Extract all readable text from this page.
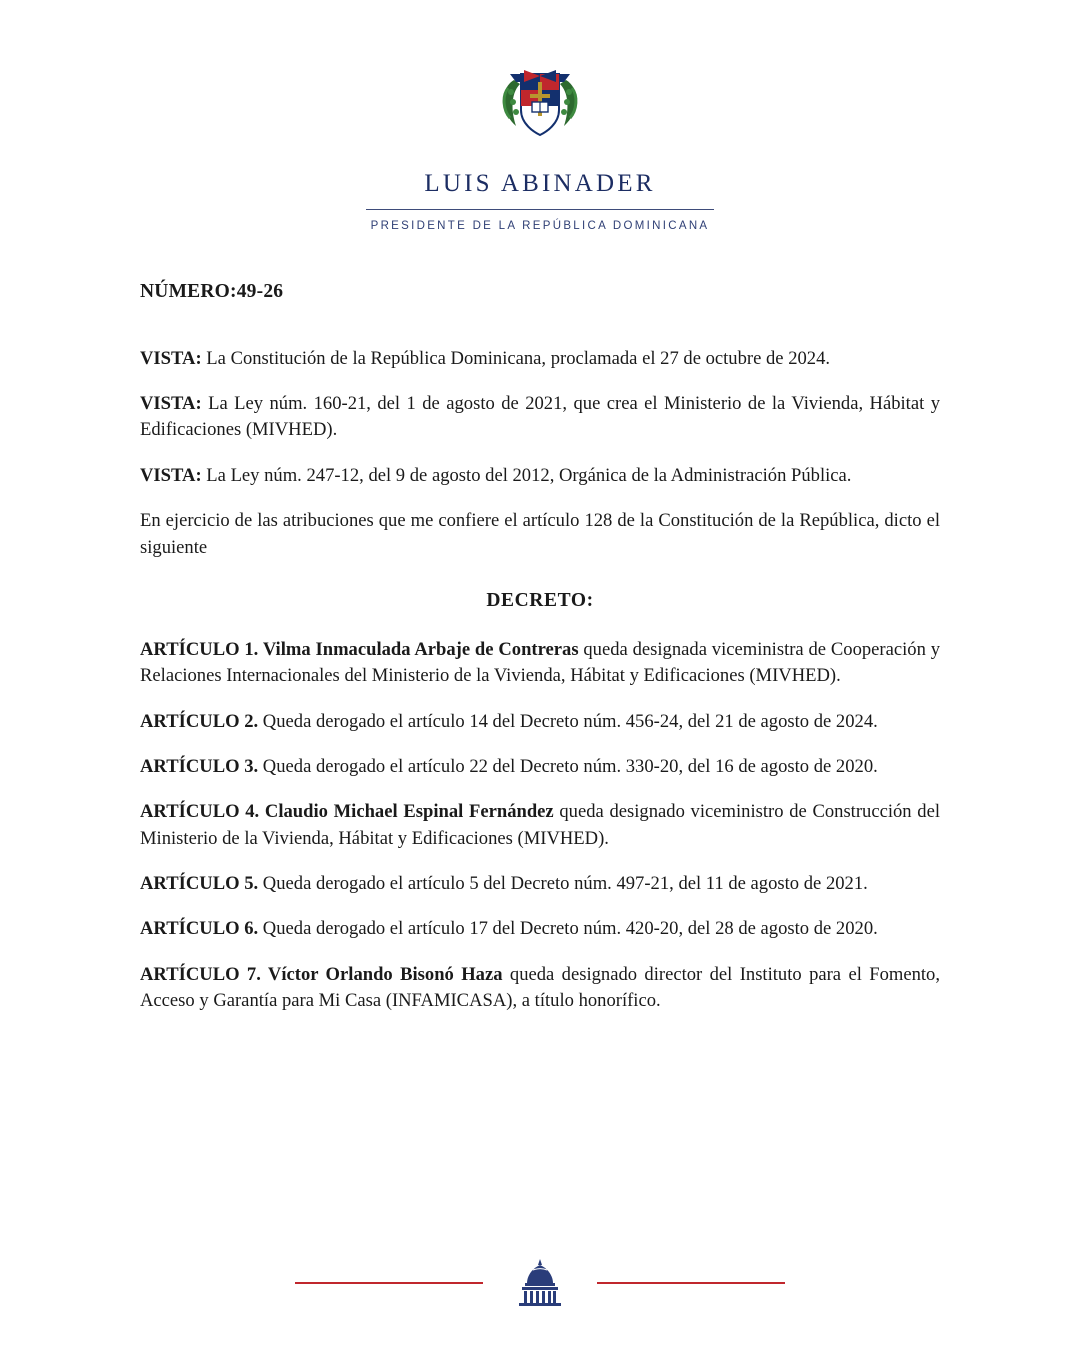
LUIS ABINADER
PRESIDENTE DE LA REPÚBLICA DOMINICANA
NÚMERO:49-26

VISTA: La Constitución de la República Dominicana, proclamada el 27 de octubre de 2024.

VISTA: La Ley núm. 160-21, del 1 de agosto de 2021, que crea el Ministerio de la Vivienda, Hábitat y Edificaciones (MIVHED).

VISTA: La Ley núm. 247-12, del 9 de agosto del 2012, Orgánica de la Administración Pública.

En ejercicio de las atribuciones que me confiere el artículo 128 de la Constitución de la República, dicto el siguiente

DECRETO:

ARTÍCULO 1. Vilma Inmaculada Arbaje de Contreras queda designada viceministra de Cooperación y Relaciones Internacionales del Ministerio de la Vivienda, Hábitat y Edificaciones (MIVHED).

ARTÍCULO 2. Queda derogado el artículo 14 del Decreto núm. 456-24, del 21 de agosto de 2024.

ARTÍCULO 3. Queda derogado el artículo 22 del Decreto núm. 330-20, del 16 de agosto de 2020.

ARTÍCULO 4. Claudio Michael Espinal Fernández queda designado viceministro de Construcción del Ministerio de la Vivienda, Hábitat y Edificaciones (MIVHED).

ARTÍCULO 5. Queda derogado el artículo 5 del Decreto núm. 497-21, del 11 de agosto de 2021.

ARTÍCULO 6. Queda derogado el artículo 17 del Decreto núm. 420-20, del 28 de agosto de 2020.

ARTÍCULO 7. Víctor Orlando Bisonó Haza queda designado director del Instituto para el Fomento, Acceso y Garantía para Mi Casa (INFAMICASA), a título honorífico.
